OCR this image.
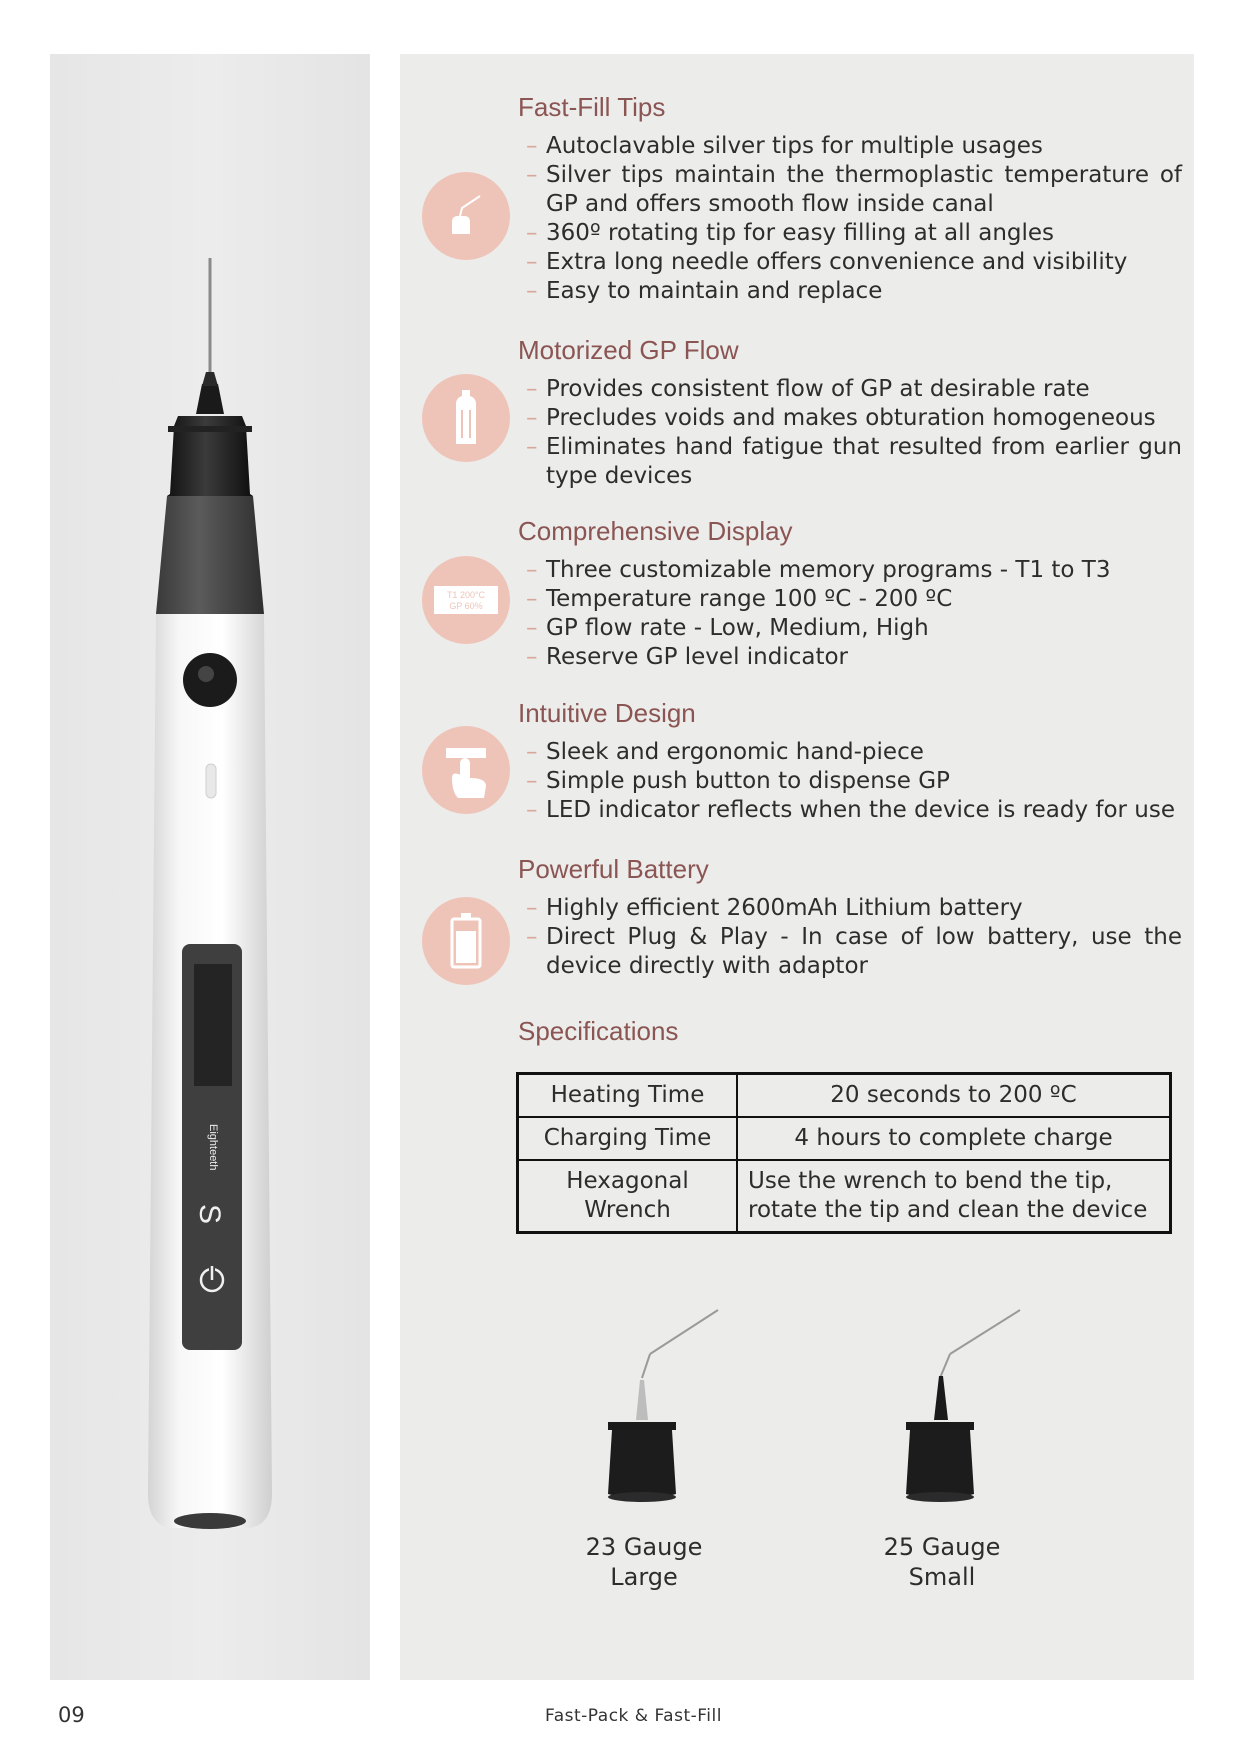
Eighteeth
S
Fast-Fill Tips
– Autoclavable silver tips for multiple usages
– Silver tips maintain the thermoplastic temperature of GP and offers smooth flow inside canal
– 360º rotating tip for easy filling at all angles
– Extra long needle offers convenience and visibility
– Easy to maintain and replace
Motorized GP Flow
– Provides consistent flow of GP at desirable rate
– Precludes voids and makes obturation homogeneous
– Eliminates hand fatigue that resulted from earlier gun type devices
Comprehensive Display
T1 200°C
GP 60%
– Three customizable memory programs - T1 to T3
– Temperature range 100 ºC - 200 ºC
– GP flow rate - Low, Medium, High
– Reserve GP level indicator
Intuitive Design
– Sleek and ergonomic hand-piece
– Simple push button to dispense GP
– LED indicator reflects when the device is ready for use
Powerful Battery
– Highly efficient 2600mAh Lithium battery
– Direct Plug & Play - In case of low battery, use the device directly with adaptor
Specifications
Heating Time	20 seconds to 200 ºC
Charging Time	4 hours to complete charge
Hexagonal Wrench	Use the wrench to bend the tip, rotate the tip and clean the device
23 Gauge
Large
25 Gauge
Small
09	Fast-Pack & Fast-Fill
